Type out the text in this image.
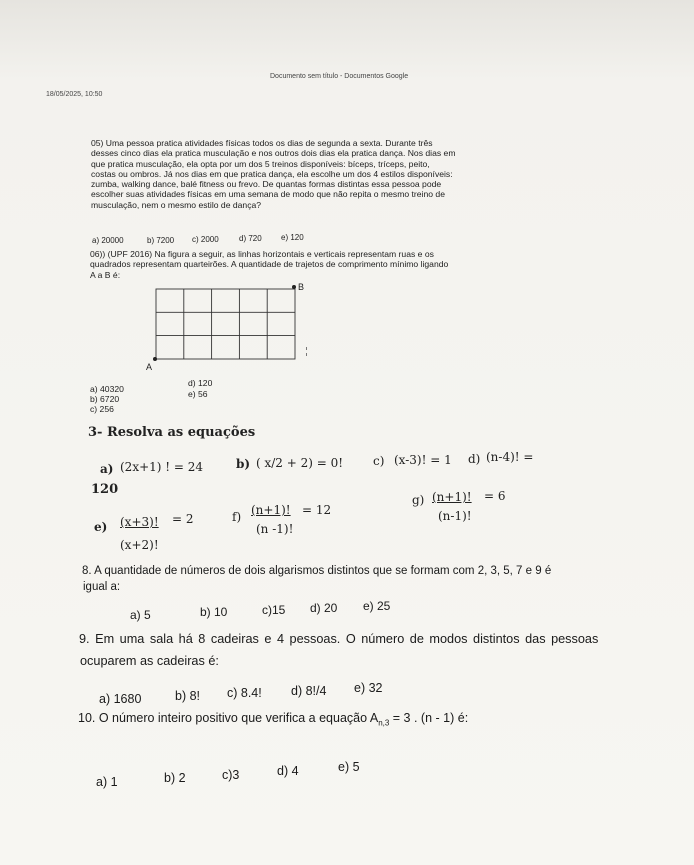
18/05/2025, 10:50
Documento sem título - Documentos Google
05) Uma pessoa pratica atividades físicas todos os dias de segunda a sexta. Durante três
desses cinco dias ela pratica musculação e nos outros dois dias ela pratica dança. Nos dias em
que pratica musculação, ela opta por um dos 5 treinos disponíveis: bíceps, tríceps, peito,
costas ou ombros. Já nos dias em que pratica dança, ela escolhe um dos 4 estilos disponíveis:
zumba, walking dance, balé fitness ou frevo. De quantas formas distintas essa pessoa pode
escolher suas atividades físicas em uma semana de modo que não repita o mesmo treino de
musculação, nem o mesmo estilo de dança?
a) 20000	b) 7200 c) 2000	d) 720 e) 120
06)) (UPF 2016) Na figura a seguir, as linhas horizontais e verticais representam ruas e os
quadrados representam quarteirões. A quantidade de trajetos de comprimento mínimo ligando
A a B é:
A
B
a) 40320
b) 6720
c) 256
d) 120
e) 56
3- Resolva as equações
a) (2x+1) ! = 24	b) ( x/2 + 2) = 0! c) (x-3)! = 1 d) (n-4)! =
120
e) (x+3)! = 2
(x+2)!
f) (n+1)! = 12
(n -1)!
g) (n+1)! = 6
(n-1)!
8. A quantidade de números de dois algarismos distintos que se formam com 2, 3, 5, 7 e 9 é
igual a:
a) 5	b) 10	c)15 d) 20 e) 25
9. Em uma sala há 8 cadeiras e 4 pessoas. O número de modos distintos das pessoas
ocuparem as cadeiras é:
a) 1680	b) 8! c) 8.4! d) 8!/4 e) 32
10. O número inteiro positivo que verifica a equação $A_{n,3} = 3$ . (n - 1) é:
a) 1	b) 2	c)3	d) 4	e) 5
